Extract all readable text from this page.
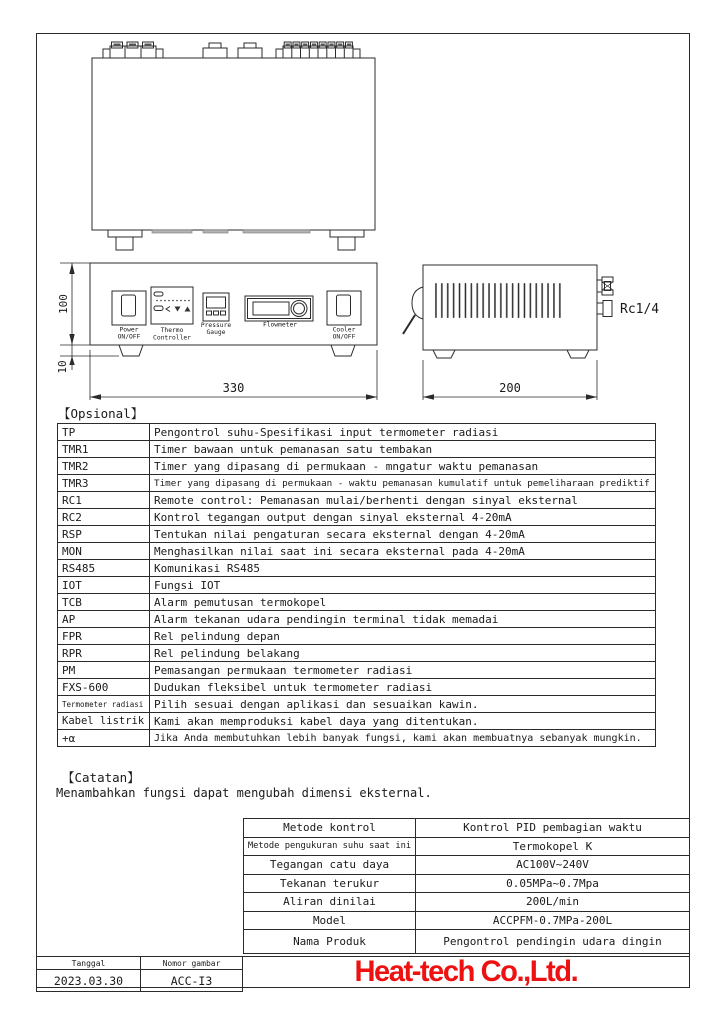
Power
ON/OFF
Thermo
Controller
Pressure
Gauge
Flowmeter
Cooler
ON/OFF
330
100
10
Rc1/4
200
【Opsional】
TP	Pengontrol suhu-Spesifikasi input termometer radiasi
TMR1	Timer bawaan untuk pemanasan satu tembakan
TMR2	Timer yang dipasang di permukaan - mngatur waktu pemanasan
TMR3	Timer yang dipasang di permukaan - waktu pemanasan kumulatif untuk pemeliharaan prediktif
RC1	Remote control: Pemanasan mulai/berhenti dengan sinyal eksternal
RC2	Kontrol tegangan output dengan sinyal eksternal 4-20mA
RSP	Tentukan nilai pengaturan secara eksternal dengan 4-20mA
MON	Menghasilkan nilai saat ini secara eksternal pada 4-20mA
RS485	Komunikasi RS485
IOT	Fungsi IOT
TCB	Alarm pemutusan termokopel
AP	Alarm tekanan udara pendingin terminal tidak memadai
FPR	Rel pelindung depan
RPR	Rel pelindung belakang
PM	Pemasangan permukaan termometer radiasi
FXS-600	Dudukan fleksibel untuk termometer radiasi
Termometer radiasi	Pilih sesuai dengan aplikasi dan sesuaikan kawin.
Kabel listrik	Kami akan memproduksi kabel daya yang ditentukan.
+α	Jika Anda membutuhkan lebih banyak fungsi, kami akan membuatnya sebanyak mungkin.
【Catatan】
Menambahkan fungsi dapat mengubah dimensi eksternal.
Metode kontrol	Kontrol PID pembagian waktu
Metode pengukuran suhu saat ini	Termokopel K
Tegangan catu daya	AC100V~240V
Tekanan terukur	0.05MPa~0.7Mpa
Aliran dinilai	200L/min
Model	ACCPFM-0.7MPa-200L
Nama Produk	Pengontrol pendingin udara dingin
Tanggal	Nomor gambar
2023.03.30	ACC-I3	Heat-tech Co.,Ltd.
